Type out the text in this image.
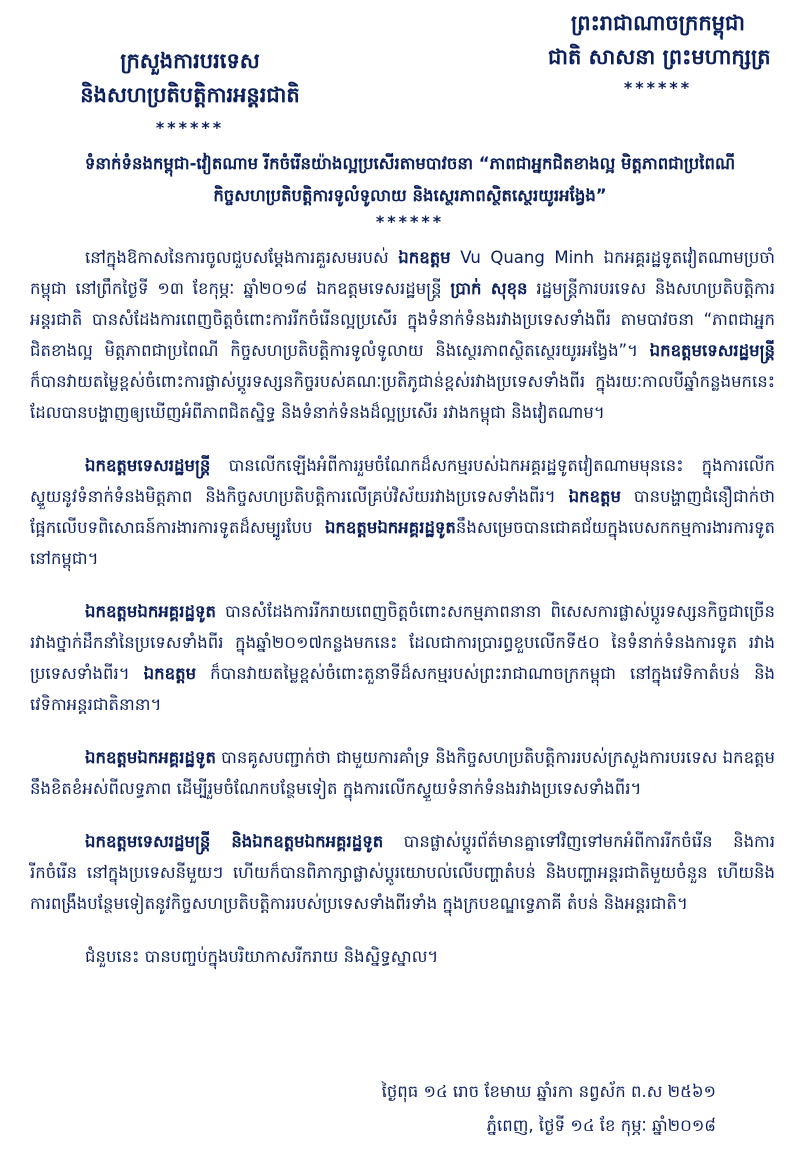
ក្រសួងការបរទេស
និងសហប្រតិបត្តិការអន្តរជាតិ
******
ព្រះរាជាណាចក្រកម្ពុជា
ជាតិ សាសនា ព្រះមហាក្សត្រ
******
ទំនាក់ទំនងកម្ពុជា-វៀតណាម រីកចំរើនយ៉ាងល្អប្រសើរតាមបាវចនា “ភាពជាអ្នកជិតខាងល្អ មិត្តភាពជាប្រពៃណី
កិច្ចសហប្រតិបត្តិការទូលំទូលាយ និងស្ថេរភាពស្ថិតស្ថេរយូរអង្វែង”
******

នៅក្នុងឱកាសនៃការចូលជួបសម្តែងការគួរសមរបស់ ឯកឧត្តម Vu Quang Minh ឯកអគ្គរដ្ឋទូតវៀតណាមប្រចាំកម្ពុជា នៅព្រឹកថ្ងៃទី ១៣ ខែកុម្ភៈ ឆ្នាំ២០១៨ ឯកឧត្តមទេសរដ្ឋមន្រ្តី ប្រាក់ សុខុន រដ្ឋមន្រ្តីការបរទេស និងសហប្រតិបត្តិការអន្តរជាតិ បានសំដែងការពេញចិត្តចំពោះការរីកចំរើនល្អប្រសើរ ក្នុងទំនាក់ទំនងរវាងប្រទេសទាំងពីរ តាមបាវចនា “ភាពជាអ្នកជិតខាងល្អ មិត្តភាពជាប្រពៃណី កិច្ចសហប្រតិបត្តិការទូលំទូលាយ និងស្ថេរភាពស្ថិតស្ថេរយូរអង្វែង”។ ឯកឧត្តមទេសរដ្ឋមន្រ្តី ក៏បានវាយតម្លៃខ្ពស់ចំពោះការផ្លាស់ប្តូរទស្សនកិច្ចរបស់គណៈប្រតិភូជាន់ខ្ពស់រវាងប្រទេសទាំងពីរ ក្នុងរយៈកាលបីឆ្នាំកន្លងមកនេះ ដែលបានបង្ហាញឲ្យឃើញអំពីភាពជិតស្និទ្ធ និងទំនាក់ទំនងដ៏ល្អប្រសើរ រវាងកម្ពុជា និងវៀតណាម។

ឯកឧត្តមទេសរដ្ឋមន្រ្តី បានលើកឡើងអំពីការរួមចំណែកដ៏សកម្មរបស់ឯកអគ្គរដ្ឋទូតវៀតណាមមុននេះ ក្នុងការលើកស្ទួយនូវទំនាក់ទំនងមិត្តភាព និងកិច្ចសហប្រតិបត្តិការលើគ្រប់វិស័យរវាងប្រទេសទាំងពីរ។ ឯកឧត្តម បានបង្ហាញជំនឿជាក់ថា ផ្អែកលើបទពិសោធន៍ការងារការទូតដ៏សម្បូរបែប ឯកឧត្តមឯកអគ្គរដ្ឋទូតនឹងសម្រេចបានជោគជ័យក្នុងបេសកកម្មការងារការទូតនៅកម្ពុជា។

ឯកឧត្តមឯកអគ្គរដ្ឋទូត បានសំដែងការរីករាយពេញចិត្តចំពោះសកម្មភាពនានា ពិសេសការផ្លាស់ប្តូរទស្សនកិច្ចជាច្រើន រវាងថ្នាក់ដឹកនាំនៃប្រទេសទាំងពីរ ក្នុងឆ្នាំ២០១៧កន្លងមកនេះ ដែលជាការប្រារព្ធខួបលើកទី៥០ នៃទំនាក់ទំនងការទូត រវាងប្រទេសទាំងពីរ។ ឯកឧត្តម ក៏បានវាយតម្លៃខ្ពស់ចំពោះតួនាទីដ៏សកម្មរបស់ព្រះរាជាណាចក្រកម្ពុជា នៅក្នុងវេទិកាតំបន់ និងវេទិកាអន្តរជាតិនានា។

ឯកឧត្តមឯកអគ្គរដ្ឋទូត បានគូសបញ្ជាក់ថា ជាមួយការគាំទ្រ និងកិច្ចសហប្រតិបត្តិការរបស់ក្រសួងការបរទេស ឯកឧត្តមនឹងខិតខំអស់ពីលទ្ធភាព ដើម្បីរួមចំណែកបន្ថែមទៀត ក្នុងការលើកស្ទួយទំនាក់ទំនងរវាងប្រទេសទាំងពីរ។

ឯកឧត្តមទេសរដ្ឋមន្រ្តី និងឯកឧត្តមឯកអគ្គរដ្ឋទូត បានផ្លាស់ប្តូរព័ត៌មានគ្នាទៅវិញទៅមកអំពីការរីកចំរើន និងការរីកចំរើន នៅក្នុងប្រទេសនីមួយៗ ហើយក៏បានពិភាក្សាផ្លាស់ប្តូរយោបល់លើបញ្ហាតំបន់ និងបញ្ហាអន្តរជាតិមួយចំនួន ហើយនិងការពង្រឹងបន្ថែមទៀតនូវកិច្ចសហប្រតិបត្តិការរបស់ប្រទេសទាំងពីរទាំង ក្នុងក្របខណ្ឌទ្វេភាគី តំបន់ និងអន្តរជាតិ។

ជំនួបនេះ បានបញ្ចប់ក្នុងបរិយាកាសរីករាយ និងស្និទ្ធស្នាល។

ថ្ងៃពុធ ១៤ រោច ខែមាឃ ឆ្នាំរកា នព្វស័ក ព.ស ២៥៦១
ភ្នំពេញ, ថ្ងៃទី ១៤ ខែ កុម្ភៈ ឆ្នាំ២០១៨
